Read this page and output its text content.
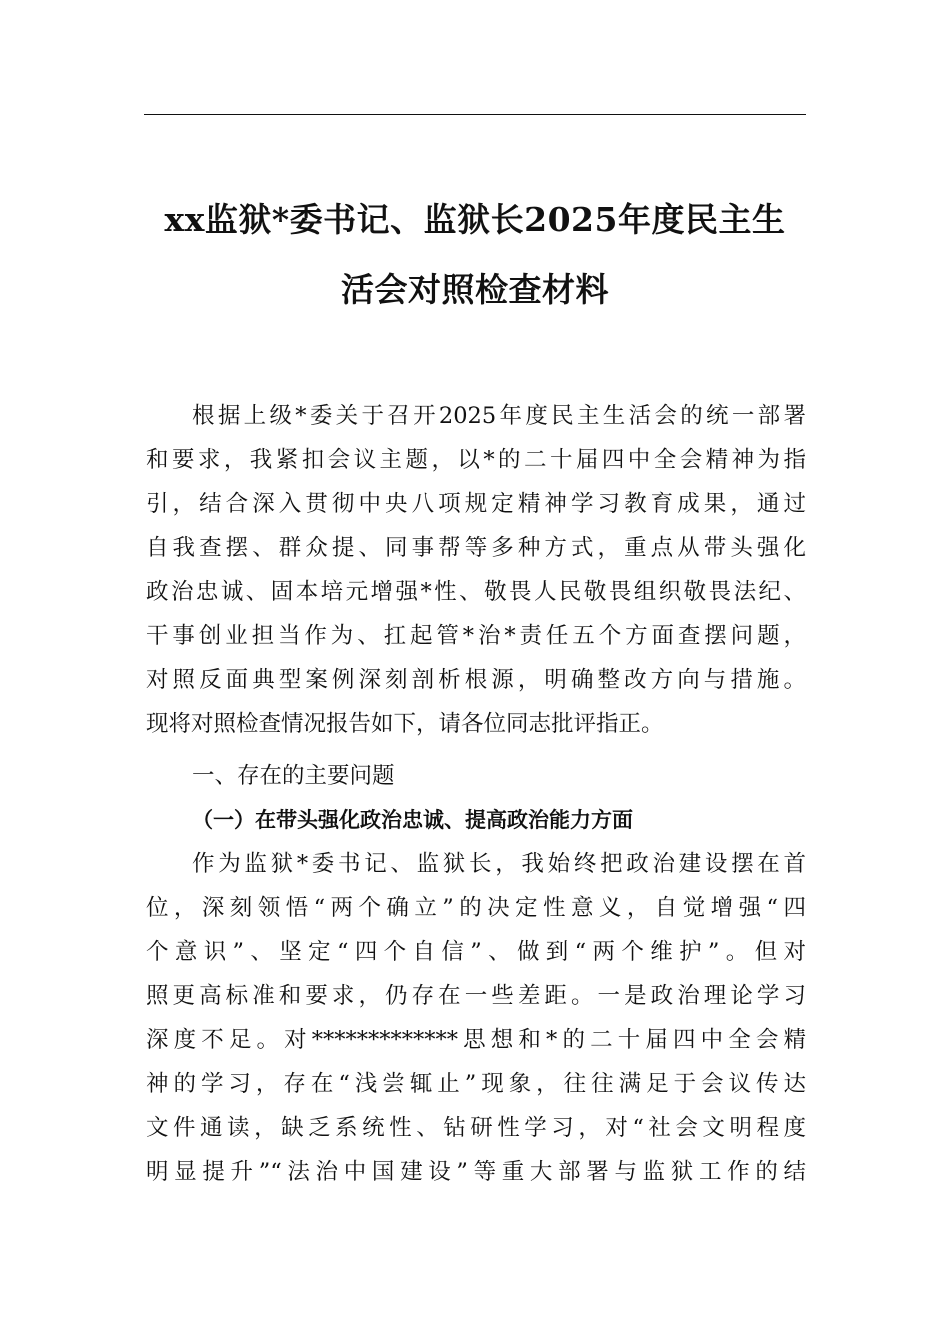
xx监狱*委书记、监狱长2025年度民主生
活会对照检查材料
根据上级*委关于召开2025年度民主生活会的统一部署
和要求，我紧扣会议主题，以*的二十届四中全会精神为指
引，结合深入贯彻中央八项规定精神学习教育成果，通过
自我查摆、群众提、同事帮等多种方式，重点从带头强化
政治忠诚、固本培元增强*性、敬畏人民敬畏组织敬畏法纪、
干事创业担当作为、扛起管*治*责任五个方面查摆问题，
对照反面典型案例深刻剖析根源，明确整改方向与措施。
现将对照检查情况报告如下，请各位同志批评指正。
一、存在的主要问题
（一）在带头强化政治忠诚、提高政治能力方面
作为监狱*委书记、监狱长，我始终把政治建设摆在首
位，深刻领悟“两个确立”的决定性意义，自觉增强“四
个意识”、坚定“四个自信”、做到“两个维护”。但对
照更高标准和要求，仍存在一些差距。一是政治理论学习
深度不足。对*************思想和*的二十届四中全会精
神的学习，存在“浅尝辄止”现象，往往满足于会议传达
文件通读，缺乏系统性、钻研性学习，对“社会文明程度
明显提升”“法治中国建设”等重大部署与监狱工作的结
